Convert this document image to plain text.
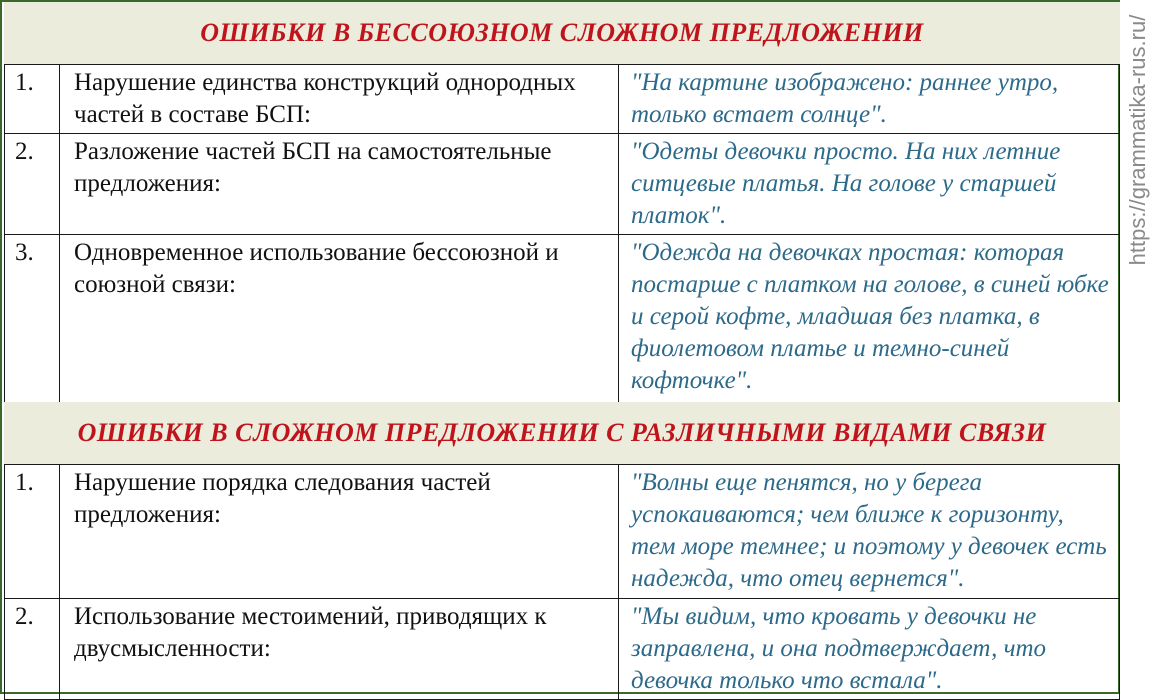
ОШИБКИ В БЕССОЮЗНОМ СЛОЖНОМ ПРЕДЛОЖЕНИИ
1.	Нарушение единства конструкций однородных частей в составе БСП:	"На картине изображено: раннее утро, только встает солнце".
2.	Разложение частей БСП на самостоятельные предложения:	"Одеты девочки просто. На них летние ситцевые платья. На голове у старшей платок".
3.	Одновременное использование бессоюзной и союзной связи:	"Одежда на девочках простая: которая постарше с платком на голове, в синей юбке и серой кофте, младшая без платка, в фиолетовом платье и темно-синей кофточке".
ОШИБКИ В СЛОЖНОМ ПРЕДЛОЖЕНИИ С РАЗЛИЧНЫМИ ВИДАМИ СВЯЗИ
1.	Нарушение порядка следования частей предложения:	"Волны еще пенятся, но у берега успокаиваются; чем ближе к горизонту, тем море темнее; и поэтому у девочек есть надежда, что отец вернется".
2.	Использование местоимений, приводящих к двусмысленности:	"Мы видим, что кровать у девочки не заправлена, и она подтверждает, что девочка только что встала".
https://grammatika-rus.ru/
